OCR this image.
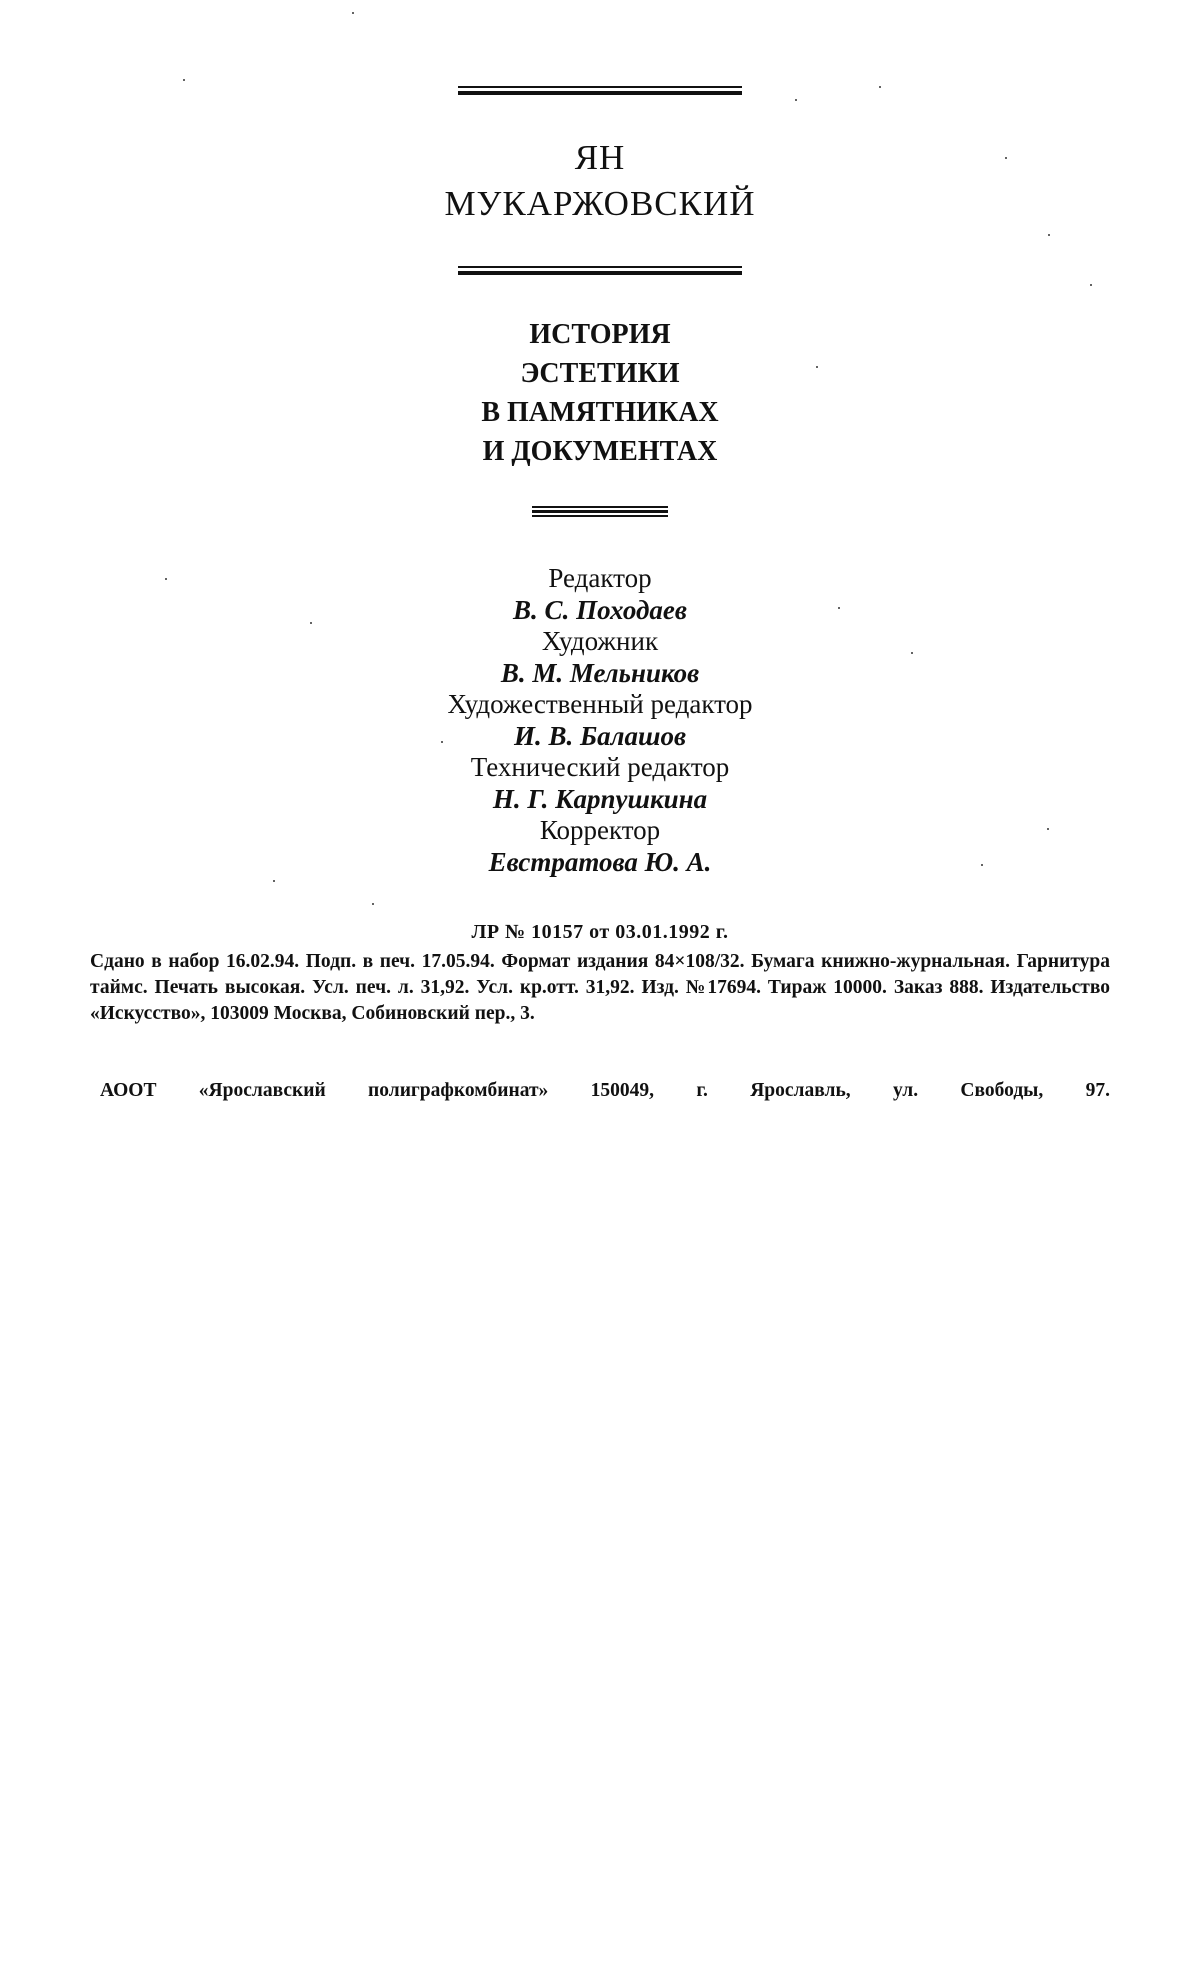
ЯН
МУКАРЖОВСКИЙ
ИСТОРИЯ
ЭСТЕТИКИ
В ПАМЯТНИКАХ
И ДОКУМЕНТАХ
Редактор
В. С. Походаев
Художник
В. М. Мельников
Художественный редактор
И. В. Балашов
Технический редактор
Н. Г. Карпушкина
Корректор
Евстратова Ю. А.
ЛР № 10157 от 03.01.1992 г.
Сдано в набор 16.02.94. Подп. в печ. 17.05.94. Формат издания 84×108/32. Бумага книжно-журнальная. Гарнитура таймс. Печать высокая. Усл. печ. л. 31,92. Усл. кр.отт. 31,92. Изд. №17694. Тираж 10000. Заказ 888. Издательство «Искусство», 103009 Москва, Собиновский пер., 3.
АООТ «Ярославский полиграфкомбинат» 150049, г. Ярославль, ул. Свободы, 97.
